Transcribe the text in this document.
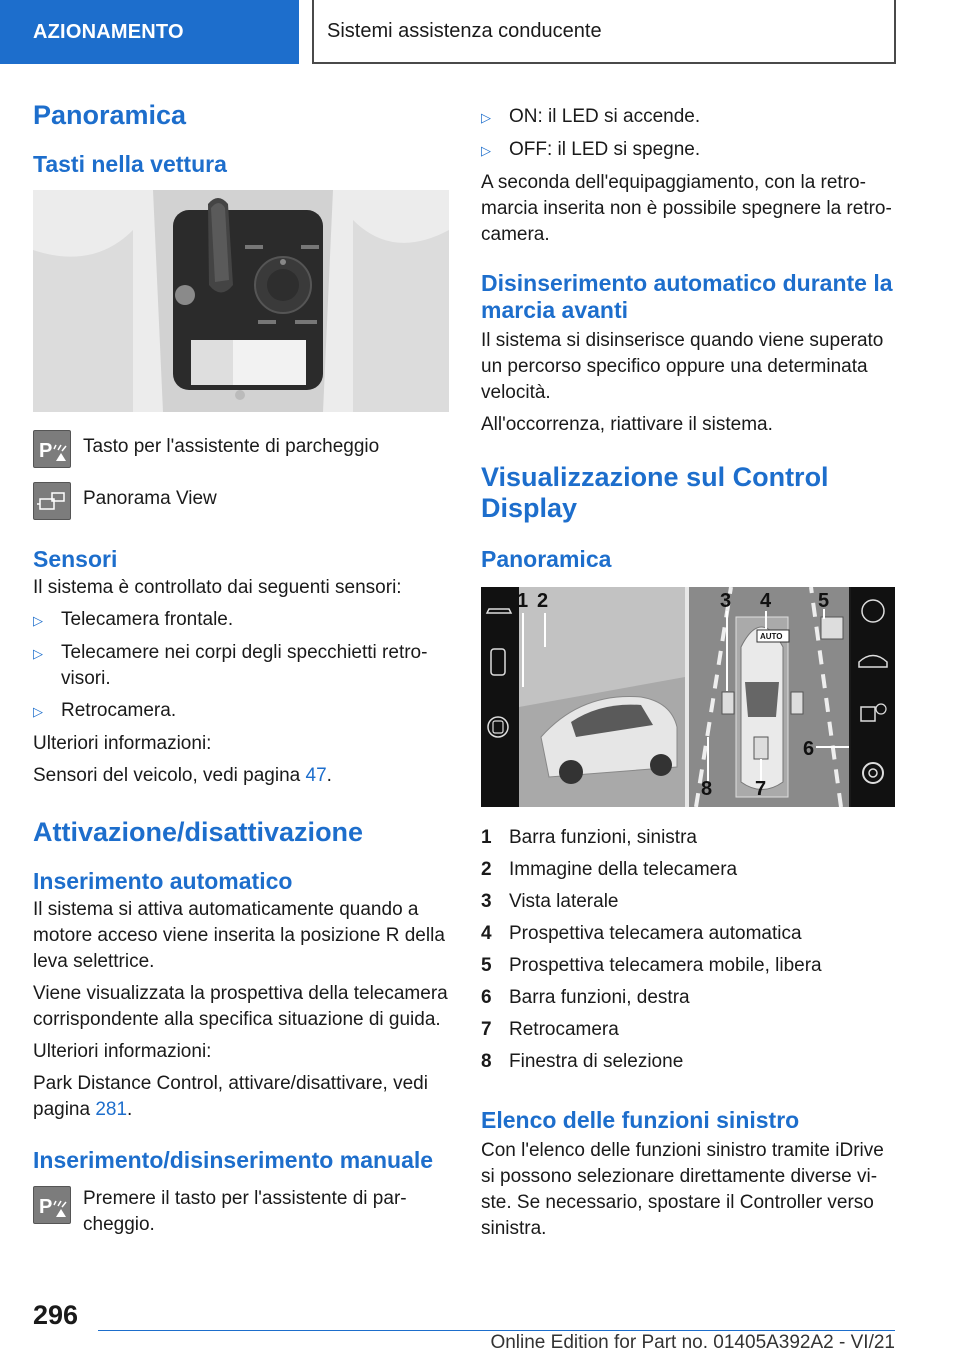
AZIONAMENTO	Sistemi assistenza conducente
Panoramica
Tasti nella vettura
P Tasto per l'assistente di parcheggio
Panorama View
Sensori

Il sistema è controllato dai seguenti sensori:

▷ Telecamera frontale.
▷ Telecamere nei corpi degli specchietti retrovisori.
▷ Retrocamera.

Ulteriori informazioni:

Sensori del veicolo, vedi pagina 47.

Attivazione/disattivazione
Inserimento automatico

Il sistema si attiva automaticamente quando a motore acceso viene inserita la posizione R della leva selettrice.

Viene visualizzata la prospettiva della telecamera corrispondente alla specifica situazione di guida.

Ulteriori informazioni:

Park Distance Control, attivare/disattivare, vedi pagina 281.

Inserimento/disinserimento manuale
P Premere il tasto per l'assistente di parcheggio.
▷ ON: il LED si accende.
▷ OFF: il LED si spegne.

A seconda dell'equipaggiamento, con la retromarcia inserita non è possibile spegnere la retrocamera.

Disinserimento automatico durante la marcia avanti

Il sistema si disinserisce quando viene superato un percorso specifico oppure una determinata velocità.

All'occorrenza, riattivare il sistema.

Visualizzazione sul Control Display
Panoramica
1 2	3 4 5
6
7
8
AUTO
1 Barra funzioni, sinistra
2 Immagine della telecamera
3 Vista laterale
4 Prospettiva telecamera automatica
5 Prospettiva telecamera mobile, libera
6 Barra funzioni, destra
7 Retrocamera
8 Finestra di selezione
Elenco delle funzioni sinistro

Con l'elenco delle funzioni sinistro tramite iDrive si possono selezionare direttamente diverse viste. Se necessario, spostare il Controller verso sinistra.

296
Online Edition for Part no. 01405A392A2 - VI/21
